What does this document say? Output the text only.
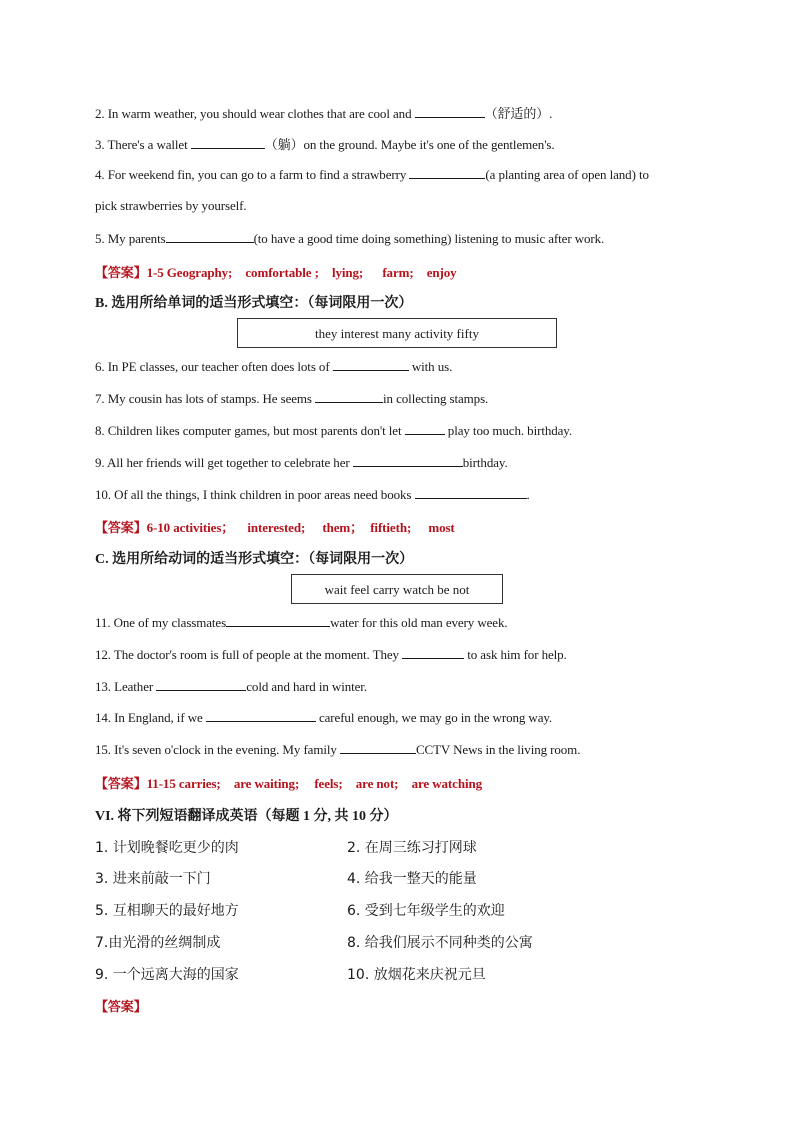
2. In warm weather, you should wear clothes that are cool and	（舒适的）.
3. There's a wallet	（躺）on the ground. Maybe it's one of the gentlemen's.
4. For weekend fin, you can go to a farm to find a strawberry	(a planting area of open land) to
pick strawberries by yourself.
5. My parents	(to have a good time doing something) listening to music after work.
【答案】1-5 Geography; comfortable ; lying; farm; enjoy
B. 选用所给单词的适当形式填空：（每词限用一次）
they interest many activity fifty
6. In PE classes, our teacher often does lots of	with us.
7. My cousin has lots of stamps. He seems	in collecting stamps.
8. Children likes computer games, but most parents don't let	play too much. birthday.
9. All her friends will get together to celebrate her	birthday.
10. Of all the things, I think children in poor areas need books	.
【答案】6-10 activities； interested; them； fiftieth; most
C. 选用所给动词的适当形式填空：（每词限用一次）
wait feel carry watch be not
11. One of my classmates	water for this old man every week.
12. The doctor's room is full of people at the moment. They	to ask him for help.
13. Leather	cold and hard in winter.
14. In England, if we	careful enough, we may go in the wrong way.
15. It's seven o'clock in the evening. My family	CCTV News in the living room.
【答案】11-15 carries; are waiting; feels; are not; are watching
VI. 将下列短语翻译成英语（每题 1 分, 共 10 分）
1. 计划晚餐吃更少的肉	2. 在周三练习打网球
3. 进来前敲一下门	4. 给我一整天的能量
5. 互相聊天的最好地方	6. 受到七年级学生的欢迎
7.由光滑的丝绸制成	8. 给我们展示不同种类的公寓
9. 一个远离大海的国家	10. 放烟花来庆祝元旦
【答案】
